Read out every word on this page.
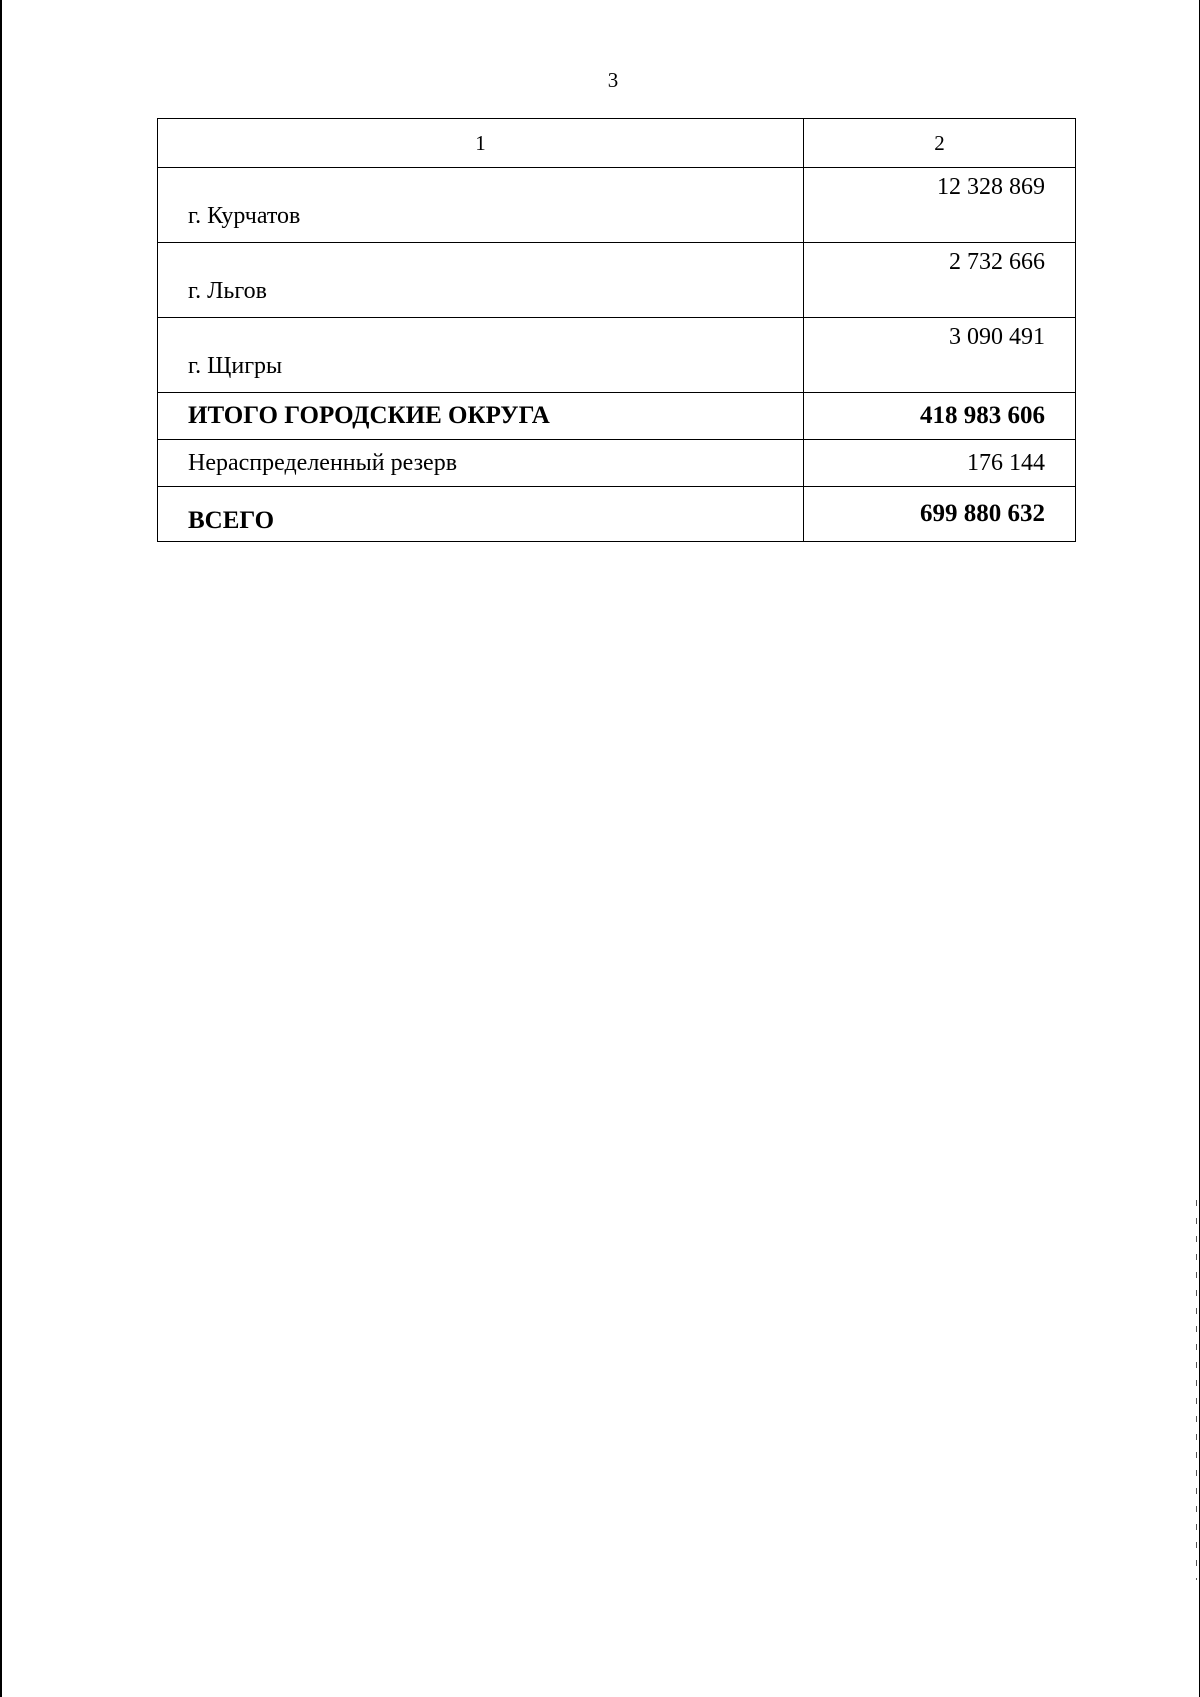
3
1	2
г. Курчатов	12 328 869
г. Льгов	2 732 666
г. Щигры	3 090 491
ИТОГО ГОРОДСКИЕ ОКРУГА	418 983 606
Нераспределенный резерв	176 144
ВСЕГО	699 880 632
